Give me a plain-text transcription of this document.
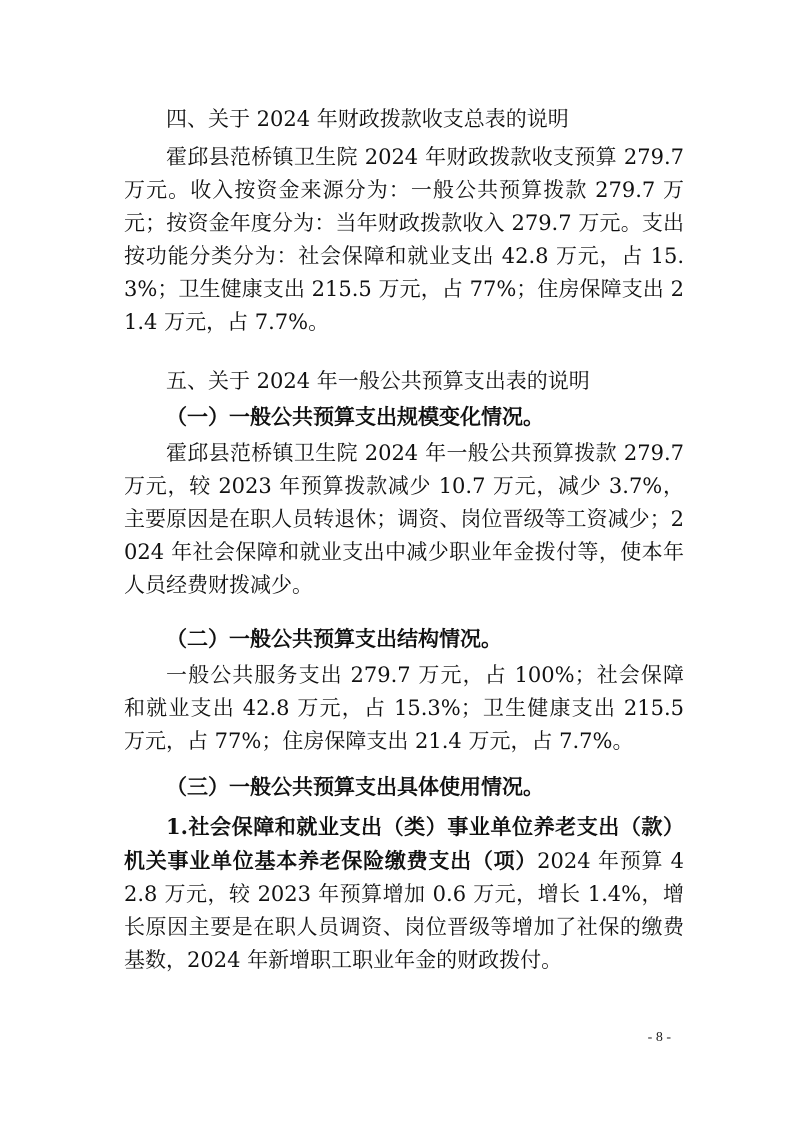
四、关于 2024 年财政拨款收支总表的说明

霍邱县范桥镇卫生院 2024 年财政拨款收支预算 279.7 万元。收入按资金来源分为：一般公共预算拨款 279.7 万元；按资金年度分为：当年财政拨款收入 279.7 万元。支出按功能分类分为：社会保障和就业支出 42.8 万元，占 15.3%；卫生健康支出 215.5 万元，占 77%；住房保障支出 21.4 万元，占 7.7%。

五、关于 2024 年一般公共预算支出表的说明

（一）一般公共预算支出规模变化情况。

霍邱县范桥镇卫生院 2024 年一般公共预算拨款 279.7 万元，较 2023 年预算拨款减少 10.7 万元，减少 3.7%，主要原因是在职人员转退休；调资、岗位晋级等工资减少；2024 年社会保障和就业支出中减少职业年金拨付等，使本年人员经费财拨减少。

（二）一般公共预算支出结构情况。

一般公共服务支出 279.7 万元，占 100%；社会保障和就业支出 42.8 万元，占 15.3%；卫生健康支出 215.5 万元，占 77%；住房保障支出 21.4 万元，占 7.7%。

（三）一般公共预算支出具体使用情况。

1.社会保障和就业支出（类）事业单位养老支出（款）机关事业单位基本养老保险缴费支出（项）2024 年预算 42.8 万元，较 2023 年预算增加 0.6 万元，增长 1.4%，增长原因主要是在职人员调资、岗位晋级等增加了社保的缴费基数，2024 年新增职工职业年金的财政拨付。

- 8 -
